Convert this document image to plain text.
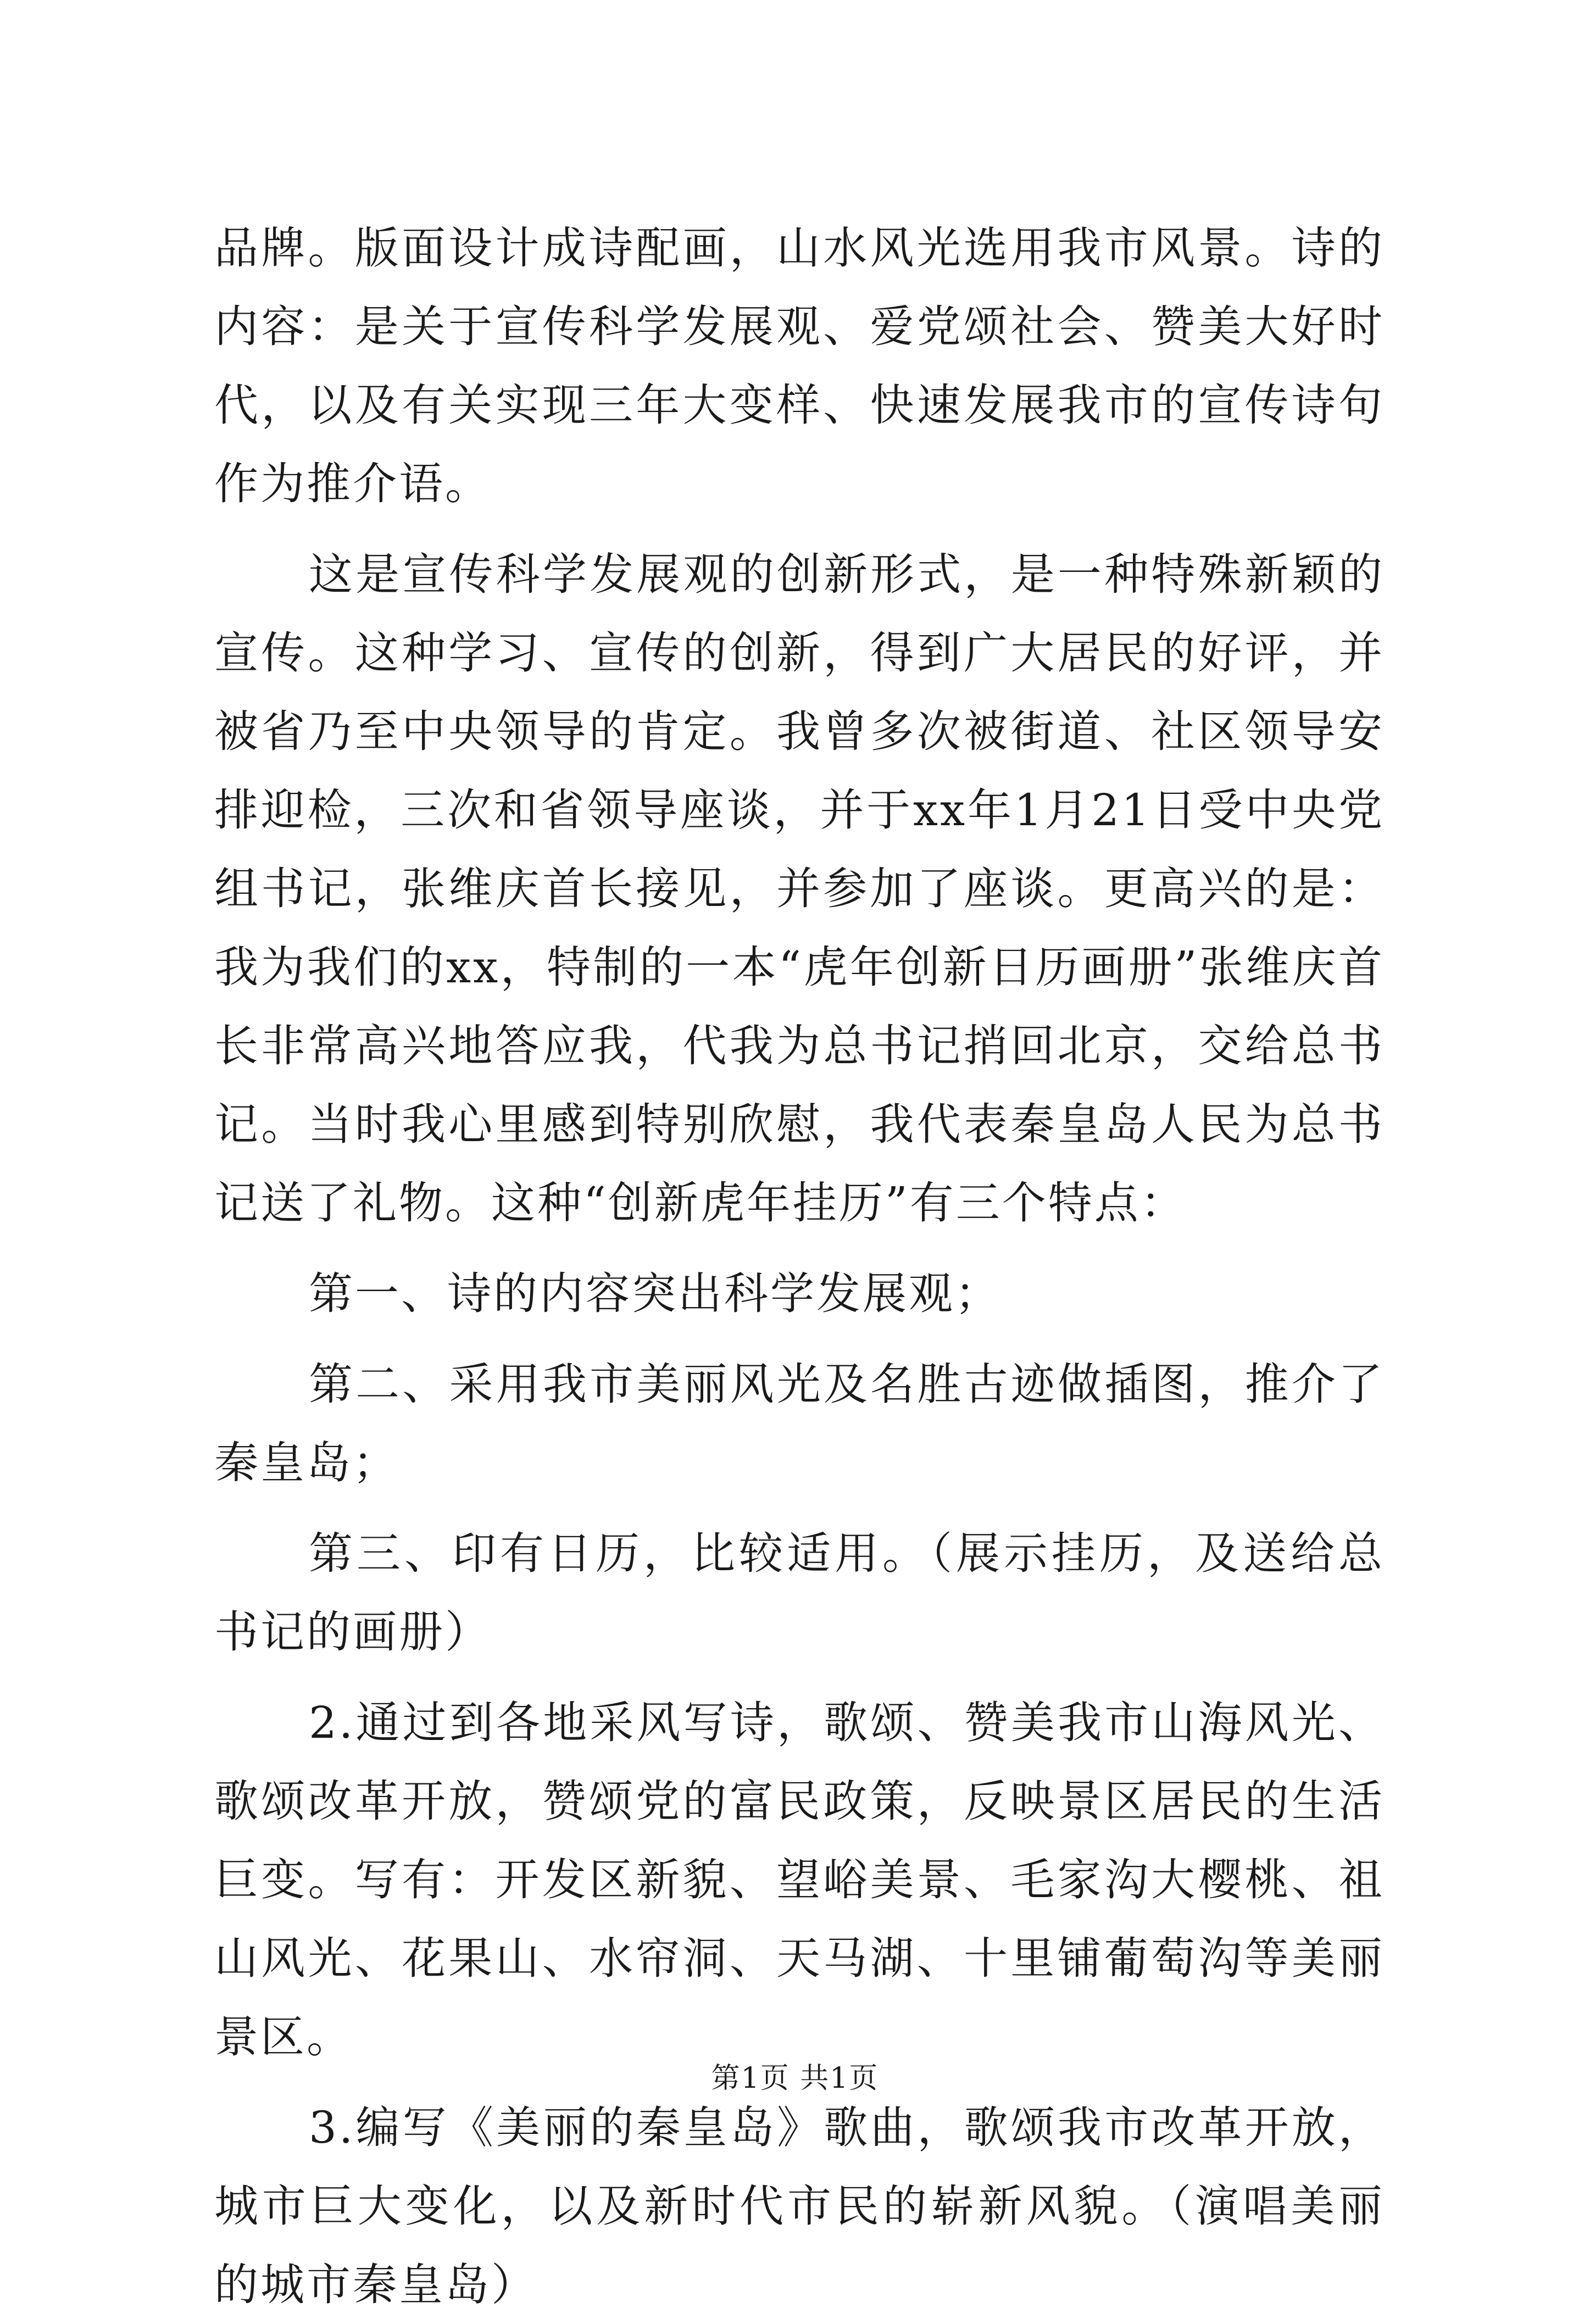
品牌。版面设计成诗配画，山水风光选用我市风景。诗的内容：是关于宣传科学发展观、爱党颂社会、赞美大好时代，以及有关实现三年大变样、快速发展我市的宣传诗句作为推介语。

这是宣传科学发展观的创新形式，是一种特殊新颖的宣传。这种学习、宣传的创新，得到广大居民的好评，并被省乃至中央领导的肯定。我曾多次被街道、社区领导安排迎检，三次和省领导座谈，并于xx年1月21日受中央党组书记，张维庆首长接见，并参加了座谈。更高兴的是：我为我们的xx，特制的一本“虎年创新日历画册”张维庆首长非常高兴地答应我，代我为总书记捎回北京，交给总书记。当时我心里感到特别欣慰，我代表秦皇岛人民为总书记送了礼物。这种“创新虎年挂历”有三个特点：

第一、诗的内容突出科学发展观；

第二、采用我市美丽风光及名胜古迹做插图，推介了秦皇岛；

第三、印有日历，比较适用。（展示挂历，及送给总书记的画册）

2.通过到各地采风写诗，歌颂、赞美我市山海风光、歌颂改革开放，赞颂党的富民政策，反映景区居民的生活巨变。写有：开发区新貌、望峪美景、毛家沟大樱桃、祖山风光、花果山、水帘洞、天马湖、十里铺葡萄沟等美丽景区。

3.编写《美丽的秦皇岛》歌曲，歌颂我市改革开放，城市巨大变化，以及新时代市民的崭新风貌。（演唱美丽的城市秦皇岛）

第1页 共1页
